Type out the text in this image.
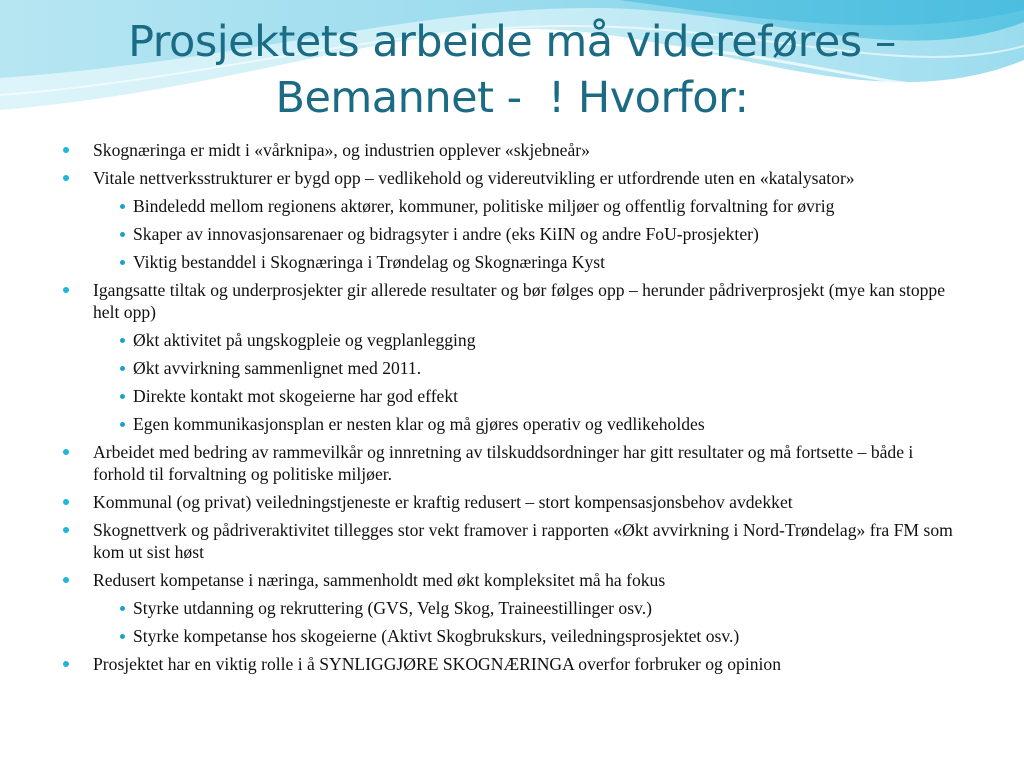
Prosjektets arbeide må videreføres –
Bemannet -  ! Hvorfor:
Skognæringa er midt i «vårknipa», og industrien opplever «skjebneår»
Vitale nettverksstrukturer er bygd opp – vedlikehold og videreutvikling er utfordrende uten en «katalysator»
Bindeledd mellom regionens aktører, kommuner, politiske miljøer og offentlig forvaltning for øvrig
Skaper av innovasjonsarenaer og bidragsyter i andre (eks KiIN og andre FoU-prosjekter)
Viktig bestanddel i Skognæringa i Trøndelag og Skognæringa Kyst
Igangsatte tiltak og underprosjekter gir allerede resultater og bør følges opp – herunder pådriverprosjekt (mye kan stoppe helt opp)
Økt aktivitet på ungskogpleie og vegplanlegging
Økt avvirkning sammenlignet med 2011.
Direkte kontakt mot skogeierne har god effekt
Egen kommunikasjonsplan er nesten klar og må gjøres operativ og vedlikeholdes
Arbeidet med bedring av rammevilkår og innretning av tilskuddsordninger har gitt resultater og må fortsette – både i forhold til forvaltning og politiske miljøer.
Kommunal (og privat) veiledningstjeneste er kraftig redusert – stort kompensasjonsbehov avdekket
Skognettverk og pådriveraktivitet tillegges stor vekt framover i rapporten «Økt avvirkning i Nord-Trøndelag» fra FM som kom ut sist høst
Redusert kompetanse i næringa, sammenholdt med økt kompleksitet må ha fokus
Styrke utdanning og rekruttering (GVS, Velg Skog, Traineestillinger osv.)
Styrke kompetanse hos skogeierne (Aktivt Skogbrukskurs, veiledningsprosjektet osv.)
Prosjektet har en viktig rolle i å SYNLIGGJØRE SKOGNÆRINGA overfor forbruker og opinion
